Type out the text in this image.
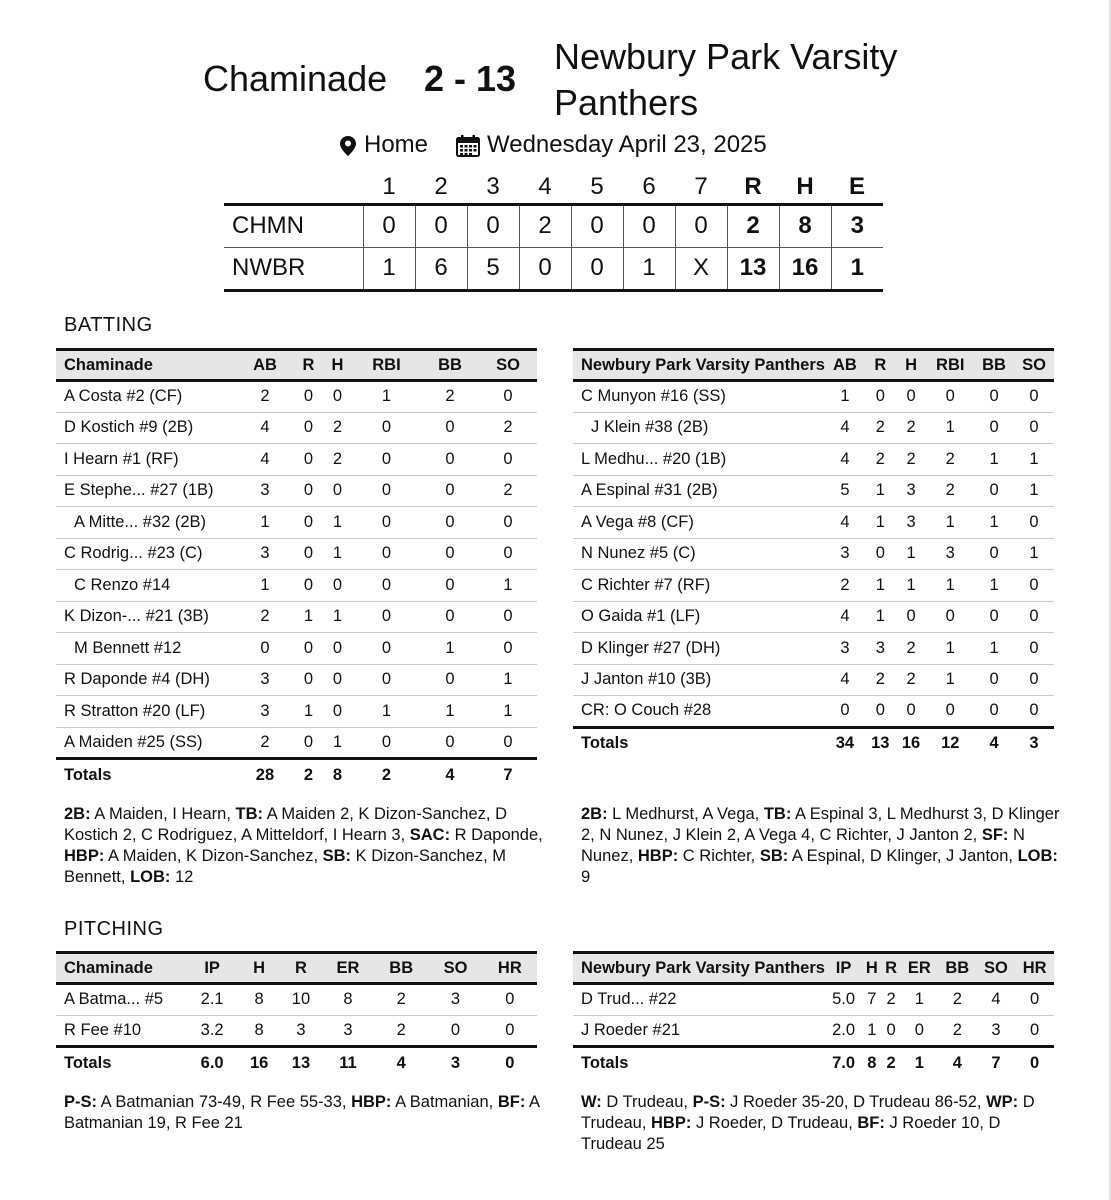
Chaminade 2 - 13
Newbury Park Varsity Panthers
Home Wednesday April 23, 2025
	1	2	3	4	5	6	7	R	H	E
CHMN	0	0	0	2	0	0	0	2	8	3
NWBR	1	6	5	0	0	1	X	13	16	1
BATTING
Chaminade	AB	R	H	RBI	BB	SO
A Costa #2 (CF)	2	0	0	1	2	0
D Kostich #9 (2B)	4	0	2	0	0	2
I Hearn #1 (RF)	4	0	2	0	0	0
E Stephe... #27 (1B)	3	0	0	0	0	2
A Mitte... #32 (2B)	1	0	1	0	0	0
C Rodrig... #23 (C)	3	0	1	0	0	0
C Renzo #14	1	0	0	0	0	1
K Dizon-... #21 (3B)	2	1	1	0	0	0
M Bennett #12	0	0	0	0	1	0
R Daponde #4 (DH)	3	0	0	0	0	1
R Stratton #20 (LF)	3	1	0	1	1	1
A Maiden #25 (SS)	2	0	1	0	0	0
Totals	28	2	8	2	4	7
Newbury Park Varsity Panthers	AB	R	H	RBI	BB	SO
C Munyon #16 (SS)	1	0	0	0	0	0
J Klein #38 (2B)	4	2	2	1	0	0
L Medhu... #20 (1B)	4	2	2	2	1	1
A Espinal #31 (2B)	5	1	3	2	0	1
A Vega #8 (CF)	4	1	3	1	1	0
N Nunez #5 (C)	3	0	1	3	0	1
C Richter #7 (RF)	2	1	1	1	1	0
O Gaida #1 (LF)	4	1	0	0	0	0
D Klinger #27 (DH)	3	3	2	1	1	0
J Janton #10 (3B)	4	2	2	1	0	0
CR: O Couch #28	0	0	0	0	0	0
Totals	34	13	16	12	4	3
2B: A Maiden, I Hearn, TB: A Maiden 2, K Dizon-Sanchez, D Kostich 2, C Rodriguez, A Mitteldorf, I Hearn 3, SAC: R Daponde, HBP: A Maiden, K Dizon-Sanchez, SB: K Dizon-Sanchez, M Bennett, LOB: 12
2B: L Medhurst, A Vega, TB: A Espinal 3, L Medhurst 3, D Klinger 2, N Nunez, J Klein 2, A Vega 4, C Richter, J Janton 2, SF: N Nunez, HBP: C Richter, SB: A Espinal, D Klinger, J Janton, LOB: 9
PITCHING
Chaminade	IP	H	R	ER	BB	SO	HR
A Batma... #5	2.1	8	10	8	2	3	0
R Fee #10	3.2	8	3	3	2	0	0
Totals	6.0	16	13	11	4	3	0
Newbury Park Varsity Panthers	IP	H	R	ER	BB	SO	HR
D Trud... #22	5.0	7	2	1	2	4	0
J Roeder #21	2.0	1	0	0	2	3	0
Totals	7.0	8	2	1	4	7	0
P-S: A Batmanian 73-49, R Fee 55-33, HBP: A Batmanian, BF: A Batmanian 19, R Fee 21
W: D Trudeau, P-S: J Roeder 35-20, D Trudeau 86-52, WP: D Trudeau, HBP: J Roeder, D Trudeau, BF: J Roeder 10, D Trudeau 25
